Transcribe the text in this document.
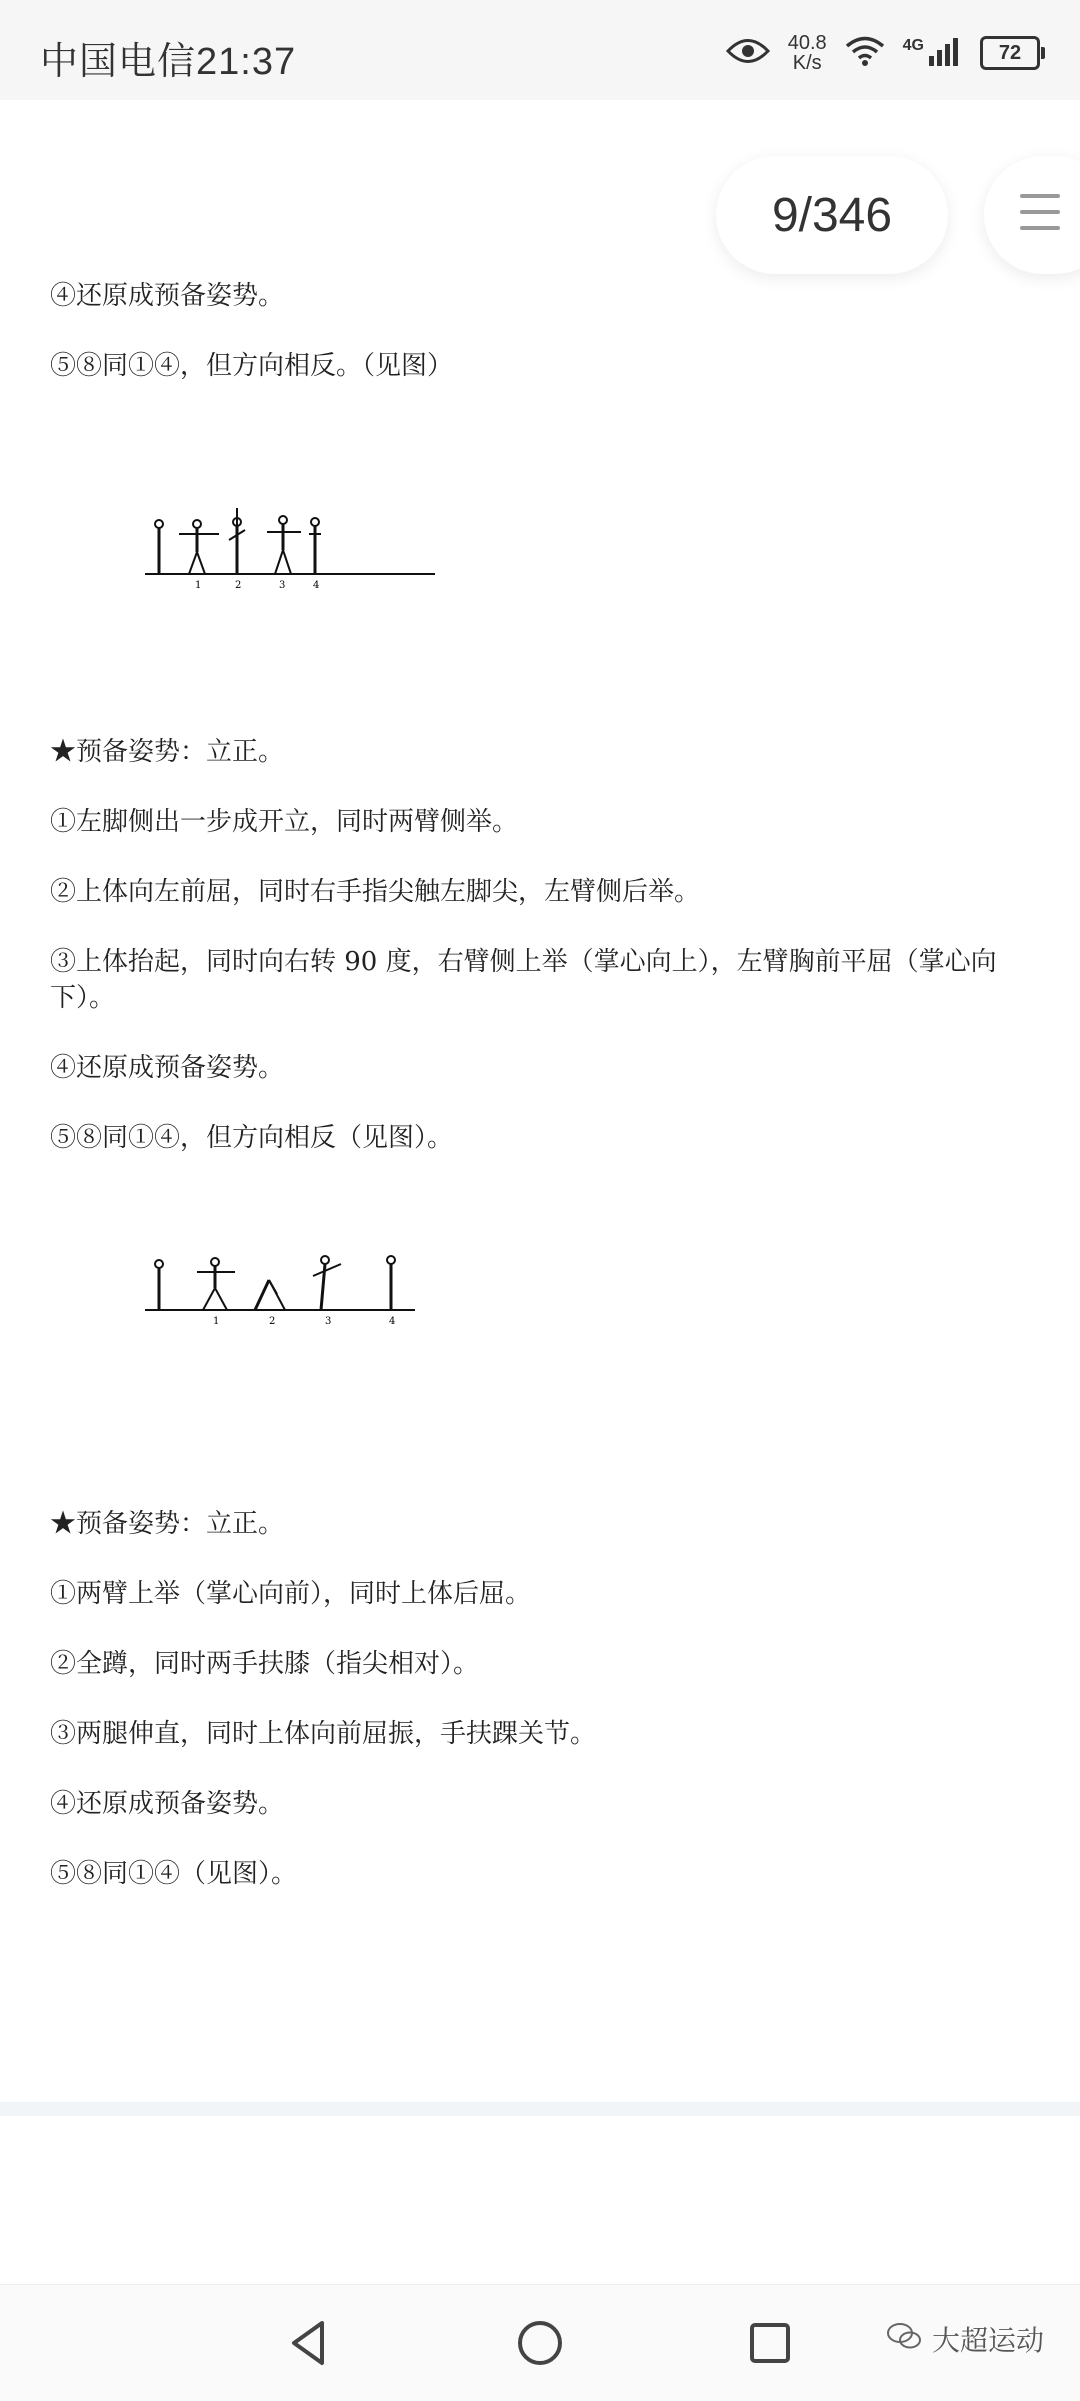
中国电信21:37	40.8
K/s
4G	72
9/346

④还原成预备姿势。

⑤⑧同①④，但方向相反。（见图）

1	2	3	4

★预备姿势：立正。

①左脚侧出一步成开立，同时两臂侧举。

②上体向左前屈，同时右手指尖触左脚尖，左臂侧后举。

③上体抬起，同时向右转 90 度，右臂侧上举（掌心向上），左臂胸前平屈（掌心向下）。

④还原成预备姿势。

⑤⑧同①④，但方向相反（见图）。

1	2	3	4

★预备姿势：立正。

①两臂上举（掌心向前），同时上体后屈。

②全蹲，同时两手扶膝（指尖相对）。

③两腿伸直，同时上体向前屈振，手扶踝关节。

④还原成预备姿势。

⑤⑧同①④（见图）。

大超运动
